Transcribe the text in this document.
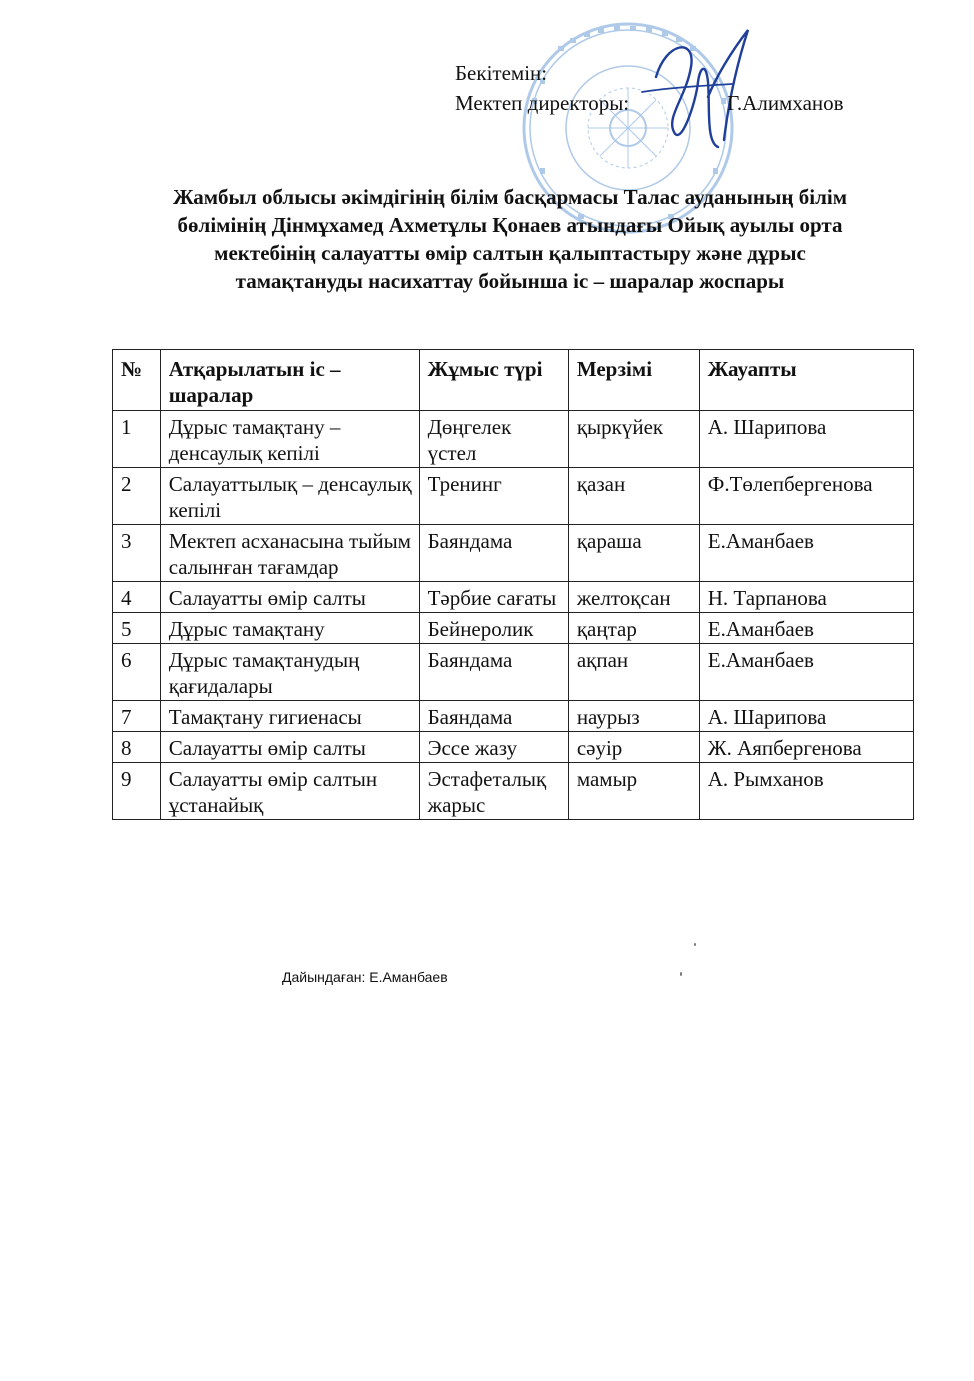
Бекітемін:
Мектеп директоры:	Г.Алимханов
Жамбыл облысы әкімдігінің білім басқармасы Талас ауданының білім бөлімінің Дінмұхамед Ахметұлы Қонаев атындағы Ойық ауылы орта мектебінің салауатты өмір салтын қалыптастыру және дұрыс тамақтануды насихаттау бойынша іс – шаралар жоспары
№	Атқарылатын іс – шаралар	Жұмыс түрі	Мерзімі	Жауапты
1	Дұрыс тамақтану – денсаулық кепілі	Дөңгелек үстел	қыркүйек	А. Шарипова
2	Салауаттылық – денсаулық кепілі	Тренинг	қазан	Ф.Төлепбергенова
3	Мектеп асханасына тыйым салынған тағамдар	Баяндама	қараша	Е.Аманбаев
4	Салауатты өмір салты	Тәрбие сағаты	желтоқсан	Н. Тарпанова
5	Дұрыс тамақтану	Бейнеролик	қаңтар	Е.Аманбаев
6	Дұрыс тамақтанудың қағидалары	Баяндама	ақпан	Е.Аманбаев
7	Тамақтану гигиенасы	Баяндама	наурыз	А. Шарипова
8	Салауатты өмір салты	Эссе жазу	сәуір	Ж. Аяпбергенова
9	Салауатты өмір салтын ұстанайық	Эстафеталық жарыс	мамыр	А. Рымханов
Дайындаған: Е.Аманбаев
